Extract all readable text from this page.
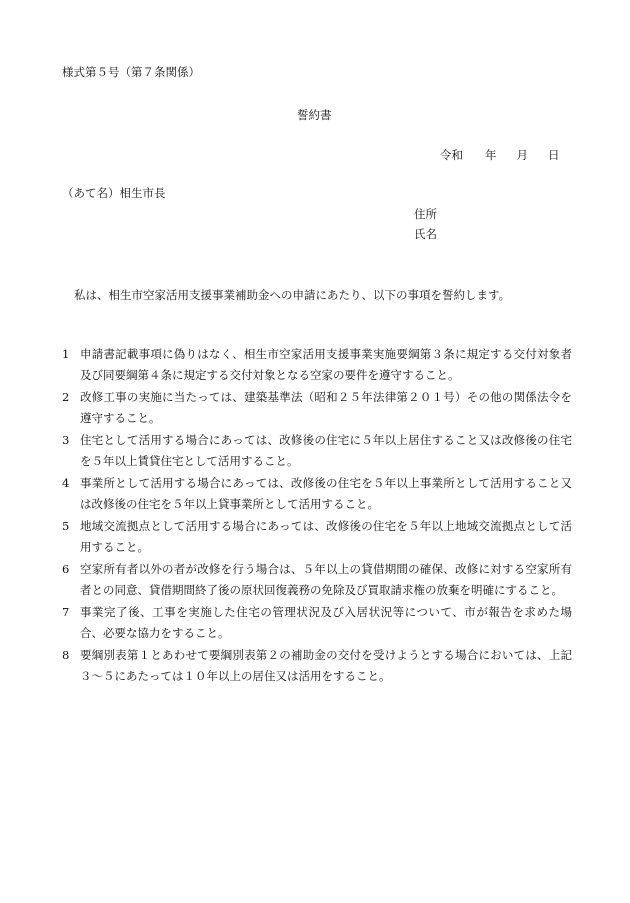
様式第５号（第７条関係）
誓約書
令和 年 月 日
（あて名）相生市長
住所
氏名
私は、相生市空家活用支援事業補助金への申請にあたり、以下の事項を誓約します。
1 申請書記載事項に偽りはなく、相生市空家活用支援事業実施要綱第３条に規定する交付対象者及び同要綱第４条に規定する交付対象となる空家の要件を遵守すること。
2 改修工事の実施に当たっては、建築基準法（昭和２５年法律第２０１号）その他の関係法令を遵守すること。
3 住宅として活用する場合にあっては、改修後の住宅に５年以上居住すること又は改修後の住宅を５年以上賃貸住宅として活用すること。
4 事業所として活用する場合にあっては、改修後の住宅を５年以上事業所として活用すること又は改修後の住宅を５年以上貸事業所として活用すること。
5 地域交流拠点として活用する場合にあっては、改修後の住宅を５年以上地域交流拠点として活用すること。
6 空家所有者以外の者が改修を行う場合は、５年以上の貸借期間の確保、改修に対する空家所有者との同意、貸借期間終了後の原状回復義務の免除及び買取請求権の放棄を明確にすること。
7 事業完了後、工事を実施した住宅の管理状況及び入居状況等について、市が報告を求めた場合、必要な協力をすること。
8 要綱別表第１とあわせて要綱別表第２の補助金の交付を受けようとする場合においては、上記３～５にあたっては１０年以上の居住又は活用をすること。
